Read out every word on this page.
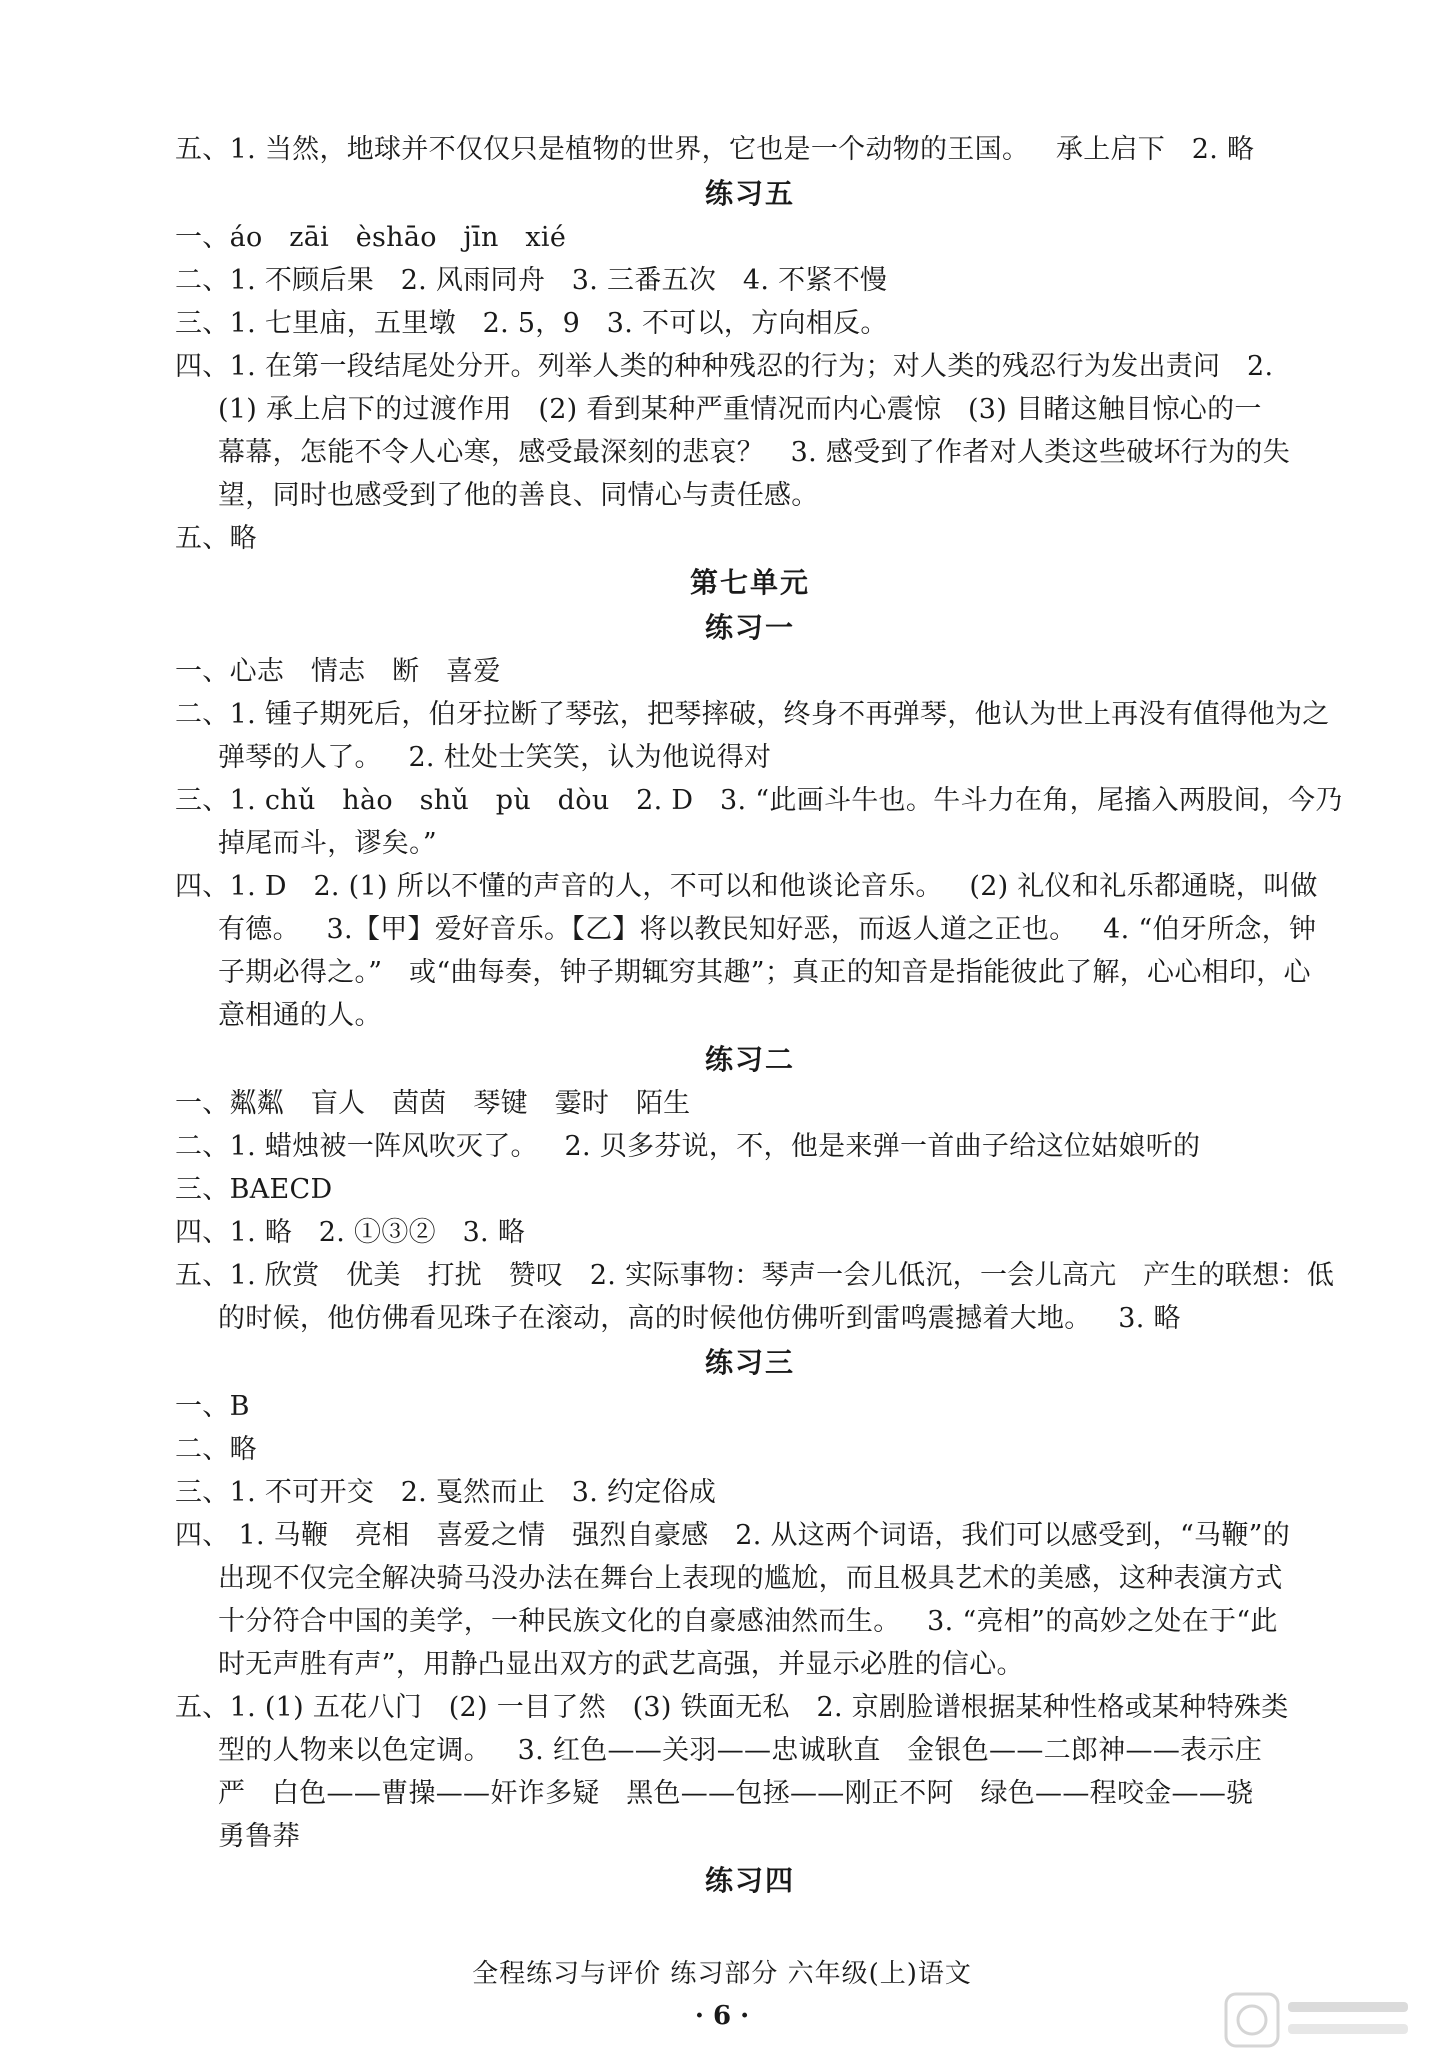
五、1. 当然，地球并不仅仅只是植物的世界，它也是一个动物的王国。   承上启下   2. 略
练习五
一、áo   zāi   èshāo   jīn   xié
二、1. 不顾后果   2. 风雨同舟   3. 三番五次   4. 不紧不慢
三、1. 七里庙，五里墩   2. 5，9   3. 不可以，方向相反。
四、1. 在第一段结尾处分开。列举人类的种种残忍的行为；对人类的残忍行为发出责问   2.
(1) 承上启下的过渡作用   (2) 看到某种严重情况而内心震惊   (3) 目睹这触目惊心的一
幕幕，怎能不令人心寒，感受最深刻的悲哀？   3. 感受到了作者对人类这些破坏行为的失
望，同时也感受到了他的善良、同情心与责任感。
五、略
第七单元
练习一
一、心志   情志   断   喜爱
二、1. 锺子期死后，伯牙拉断了琴弦，把琴摔破，终身不再弹琴，他认为世上再没有值得他为之
弹琴的人了。   2. 杜处士笑笑，认为他说得对
三、1. chǔ   hào   shǔ   pù   dòu   2. D   3. “此画斗牛也。牛斗力在角，尾搐入两股间，今乃
掉尾而斗，谬矣。”
四、1. D   2. (1) 所以不懂的声音的人，不可以和他谈论音乐。   (2) 礼仪和礼乐都通晓，叫做
有德。   3.【甲】爱好音乐。【乙】将以教民知好恶，而返人道之正也。   4. “伯牙所念，钟
子期必得之。”   或“曲每奏，钟子期辄穷其趣”；真正的知音是指能彼此了解，心心相印，心
意相通的人。
练习二
一、粼粼   盲人   茵茵   琴键   霎时   陌生
二、1. 蜡烛被一阵风吹灭了。   2. 贝多芬说，不，他是来弹一首曲子给这位姑娘听的
三、BAECD
四、1. 略   2. ①③②   3. 略
五、1. 欣赏   优美   打扰   赞叹   2. 实际事物：琴声一会儿低沉，一会儿高亢   产生的联想：低
的时候，他仿佛看见珠子在滚动，高的时候他仿佛听到雷鸣震撼着大地。   3. 略
练习三
一、B
二、略
三、1. 不可开交   2. 戛然而止   3. 约定俗成
四、 1. 马鞭   亮相   喜爱之情   强烈自豪感   2. 从这两个词语，我们可以感受到，“马鞭”的
出现不仅完全解决骑马没办法在舞台上表现的尴尬，而且极具艺术的美感，这种表演方式
十分符合中国的美学，一种民族文化的自豪感油然而生。   3. “亮相”的高妙之处在于“此
时无声胜有声”，用静凸显出双方的武艺高强，并显示必胜的信心。
五、1. (1) 五花八门   (2) 一目了然   (3) 铁面无私   2. 京剧脸谱根据某种性格或某种特殊类
型的人物来以色定调。   3. 红色——关羽——忠诚耿直   金银色——二郎神——表示庄
严   白色——曹操——奸诈多疑   黑色——包拯——刚正不阿   绿色——程咬金——骁
勇鲁莽
练习四
全程练习与评价 练习部分 六年级(上)语文
· 6 ·
